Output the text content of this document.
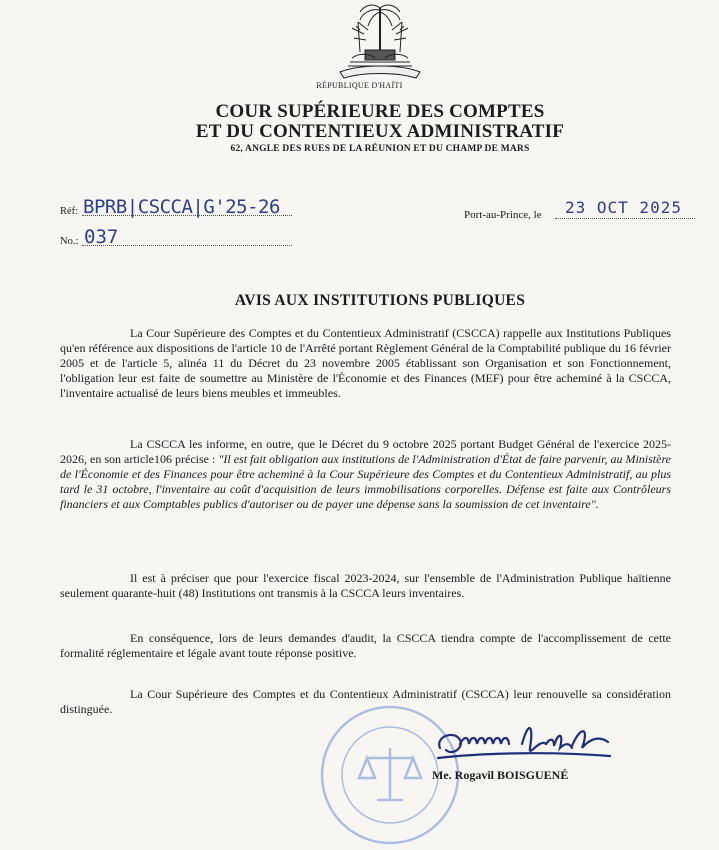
RÉPUBLIQUE D'HAÏTI
COUR SUPÉRIEURE DES COMPTES
ET DU CONTENTIEUX ADMINISTRATIF
62, ANGLE DES RUES DE LA RÉUNION ET DU CHAMP DE MARS
Réf: BPRB|CSCCA|G'25-26
No.: 037
Port-au-Prince, le 23 OCT 2025
AVIS AUX INSTITUTIONS PUBLIQUES

La Cour Supérieure des Comptes et du Contentieux Administratif (CSCCA) rappelle aux Institutions Publiques qu'en référence aux dispositions de l'article 10 de l'Arrêté portant Règlement Général de la Comptabilité publique du 16 février 2005 et de l'article 5, alinéa 11 du Décret du 23 novembre 2005 établissant son Organisation et son Fonctionnement, l'obligation leur est faite de soumettre au Ministère de l'Économie et des Finances (MEF) pour être acheminé à la CSCCA, l'inventaire actualisé de leurs biens meubles et immeubles.

La CSCCA les informe, en outre, que le Décret du 9 octobre 2025 portant Budget Général de l'exercice 2025-2026, en son article106 précise : "Il est fait obligation aux institutions de l'Administration d'État de faire parvenir, au Ministère de l'Économie et des Finances pour être acheminé à la Cour Supérieure des Comptes et du Contentieux Administratif, au plus tard le 31 octobre, l'inventaire au coût d'acquisition de leurs immobilisations corporelles. Défense est faite aux Contrôleurs financiers et aux Comptables publics d'autoriser ou de payer une dépense sans la soumission de cet inventaire".

Il est à préciser que pour l'exercice fiscal 2023-2024, sur l'ensemble de l'Administration Publique haïtienne seulement quarante-huit (48) Institutions ont transmis à la CSCCA leurs inventaires.

En conséquence, lors de leurs demandes d'audit, la CSCCA tiendra compte de l'accomplissement de cette formalité réglementaire et légale avant toute réponse positive.

La Cour Supérieure des Comptes et du Contentieux Administratif (CSCCA) leur renouvelle sa considération distinguée.

Me. Rogavil BOISGUENÉ
